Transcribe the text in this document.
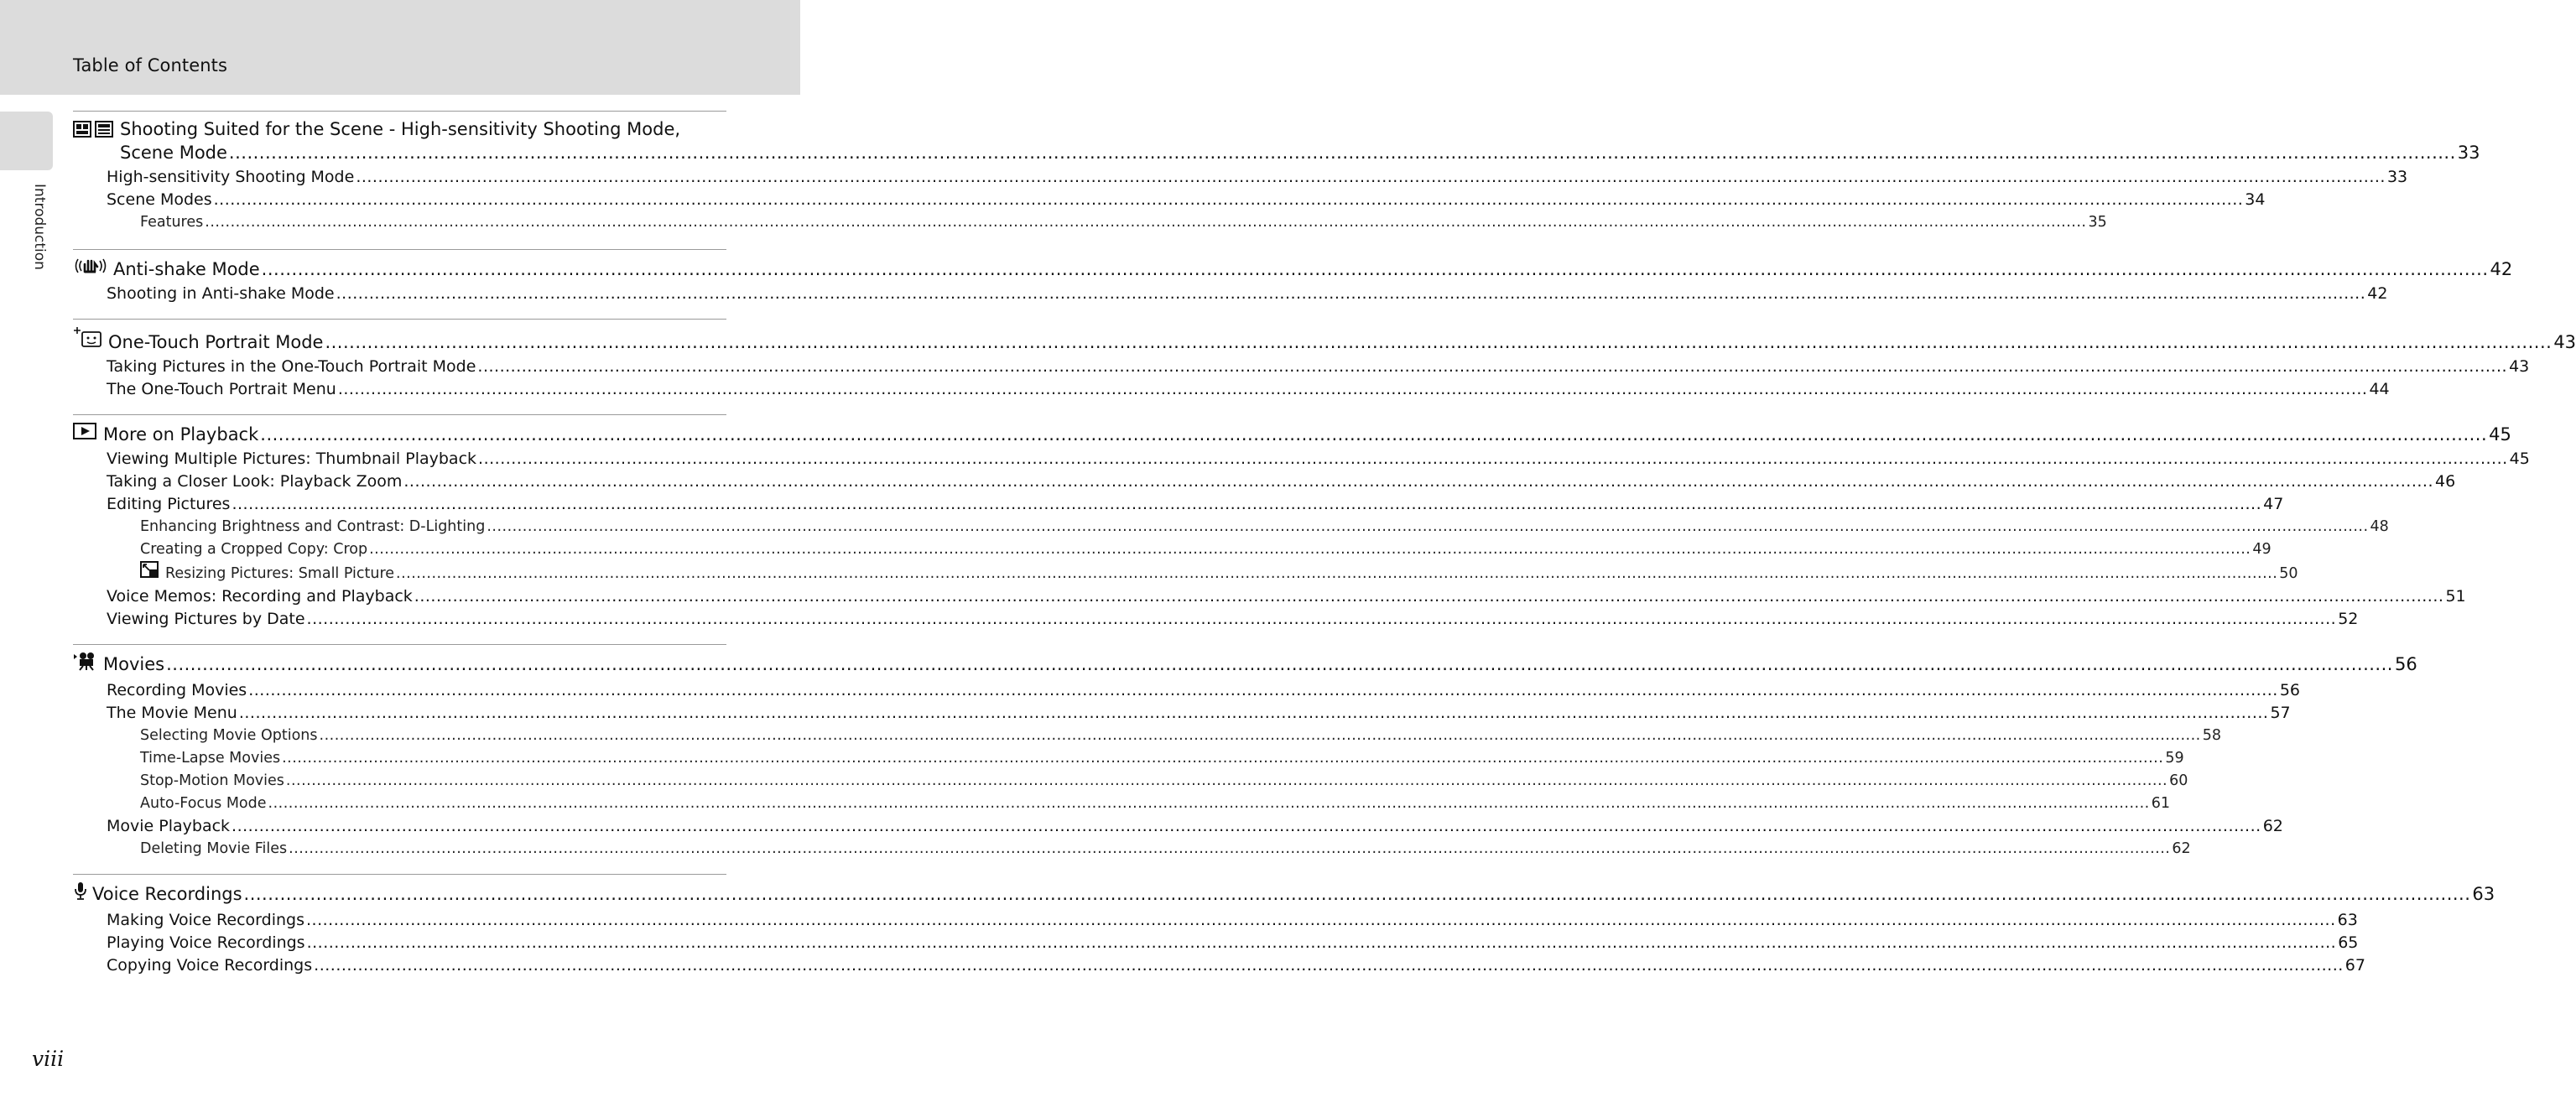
Table of Contents
Introduction
Shooting Suited for the Scene - High-sensitivity Shooting Mode,
Scene Mode .....	33
High-sensitivity Shooting Mode .....	33
Scene Modes .....	34
Features .....	35
Anti-shake Mode .....	42
Shooting in Anti-shake Mode .....	42
One-Touch Portrait Mode .....	43
Taking Pictures in the One-Touch Portrait Mode .....	43
The One-Touch Portrait Menu .....	44
More on Playback .....	45
Viewing Multiple Pictures: Thumbnail Playback .....	45
Taking a Closer Look: Playback Zoom .....	46
Editing Pictures .....	47
Enhancing Brightness and Contrast: D-Lighting .....	48
Creating a Cropped Copy: Crop .....	49
Resizing Pictures: Small Picture .....	50
Voice Memos: Recording and Playback .....	51
Viewing Pictures by Date .....	52
Movies .....	56
Recording Movies .....	56
The Movie Menu .....	57
Selecting Movie Options .....	58
Time-Lapse Movies .....	59
Stop-Motion Movies .....	60
Auto-Focus Mode .....	61
Movie Playback .....	62
Deleting Movie Files .....	62
Voice Recordings .....	63
Making Voice Recordings .....	63
Playing Voice Recordings .....	65
Copying Voice Recordings .....	67
viii
